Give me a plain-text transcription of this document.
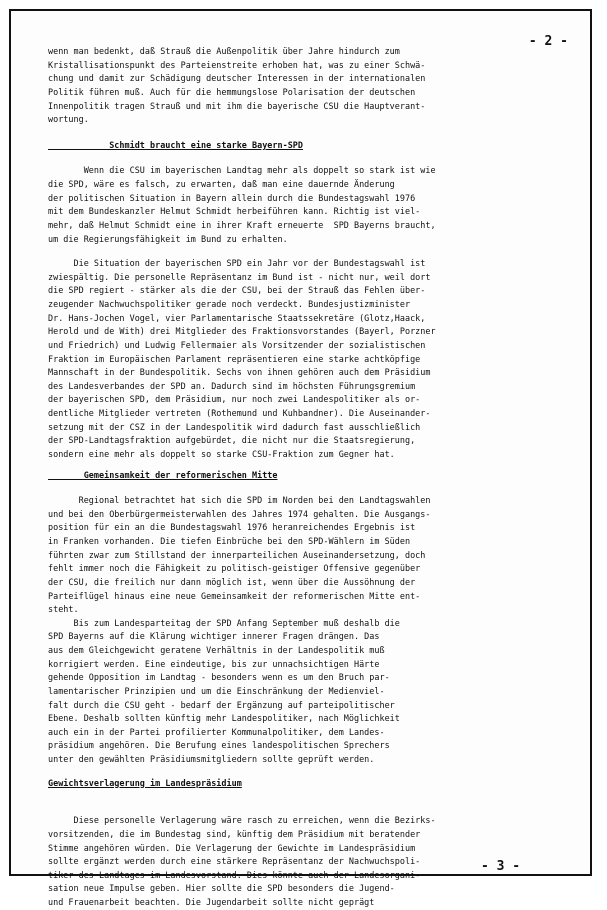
- 2 -
wenn man bedenkt, daß Strauß die Außenpolitik über Jahre hindurch zum
Kristallisationspunkt des Parteienstreite erhoben hat, was zu einer Schwä-
chung und damit zur Schädigung deutscher Interessen in der internationalen
Politik führen muß. Auch für die hemmungslose Polarisation der deutschen
Innenpolitik tragen Strauß und mit ihm die bayerische CSU die Hauptverant-
wortung.
Schmidt braucht eine starke Bayern-SPD
Wenn die CSU im bayerischen Landtag mehr als doppelt so stark ist wie
die SPD, wäre es falsch, zu erwarten, daß man eine dauernde Änderung
der politischen Situation in Bayern allein durch die Bundestagswahl 1976
mit dem Bundeskanzler Helmut Schmidt herbeiführen kann. Richtig ist viel-
mehr, daß Helmut Schmidt eine in ihrer Kraft erneuerte  SPD Bayerns braucht,
um die Regierungsfähigkeit im Bund zu erhalten.
Die Situation der bayerischen SPD ein Jahr vor der Bundestagswahl ist
zwiespältig. Die personelle Repräsentanz im Bund ist - nicht nur, weil dort
die SPD regiert - stärker als die der CSU, bei der Strauß das Fehlen über-
zeugender Nachwuchspolitiker gerade noch verdeckt. Bundesjustizminister
Dr. Hans-Jochen Vogel, vier Parlamentarische Staatssekretäre (Glotz,Haack,
Herold und de With) drei Mitglieder des Fraktionsvorstandes (Bayerl, Porzner
und Friedrich) und Ludwig Fellermaier als Vorsitzender der sozialistischen
Fraktion im Europäischen Parlament repräsentieren eine starke achtköpfige
Mannschaft in der Bundespolitik. Sechs von ihnen gehören auch dem Präsidium
des Landesverbandes der SPD an. Dadurch sind im höchsten Führungsgremium
der bayerischen SPD, dem Präsidium, nur noch zwei Landespolitiker als or-
dentliche Mitglieder vertreten (Rothemund und Kuhbandner). Die Auseinander-
setzung mit der CSZ in der Landespolitik wird dadurch fast ausschließlich
der SPD-Landtagsfraktion aufgebürdet, die nicht nur die Staatsregierung,
sondern eine mehr als doppelt so starke CSU-Fraktion zum Gegner hat.
Gemeinsamkeit der reformerischen Mitte
Regional betrachtet hat sich die SPD im Norden bei den Landtagswahlen
und bei den Oberbürgermeisterwahlen des Jahres 1974 gehalten. Die Ausgangs-
position für ein an die Bundestagswahl 1976 heranreichendes Ergebnis ist
in Franken vorhanden. Die tiefen Einbrüche bei den SPD-Wählern im Süden
führten zwar zum Stillstand der innerparteilichen Auseinandersetzung, doch
fehlt immer noch die Fähigkeit zu politisch-geistiger Offensive gegenüber
der CSU, die freilich nur dann möglich ist, wenn über die Aussöhnung der
Parteiflügel hinaus eine neue Gemeinsamkeit der reformerischen Mitte ent-
steht.
Bis zum Landesparteitag der SPD Anfang September muß deshalb die
SPD Bayerns auf die Klärung wichtiger innerer Fragen drängen. Das
aus dem Gleichgewicht geratene Verhältnis in der Landespolitik muß
korrigiert werden. Eine eindeutige, bis zur unnachsichtigen Härte
gehende Opposition im Landtag - besonders wenn es um den Bruch par-
lamentarischer Prinzipien und um die Einschränkung der Medienviel-
falt durch die CSU geht - bedarf der Ergänzung auf parteipolitischer
Ebene. Deshalb sollten künftig mehr Landespolitiker, nach Möglichkeit
auch ein in der Partei profilierter Kommunalpolitiker, dem Landes-
präsidium angehören. Die Berufung eines landespolitischen Sprechers
unter den gewählten Präsidiumsmitgliedern sollte geprüft werden.
Gewichtsverlagerung im Landespräsidium
Diese personelle Verlagerung wäre rasch zu erreichen, wenn die Bezirks-
vorsitzenden, die im Bundestag sind, künftig dem Präsidium mit beratender
Stimme angehören würden. Die Verlagerung der Gewichte im Landespräsidium
sollte ergänzt werden durch eine stärkere Repräsentanz der Nachwuchspoli-
tiker des Landtages im Landesvorstand. Dies könnte auch der Landesorgani-
sation neue Impulse geben. Hier sollte die SPD besonders die Jugend-
und Frauenarbeit beachten. Die Jugendarbeit sollte nicht geprägt
- 3 -
